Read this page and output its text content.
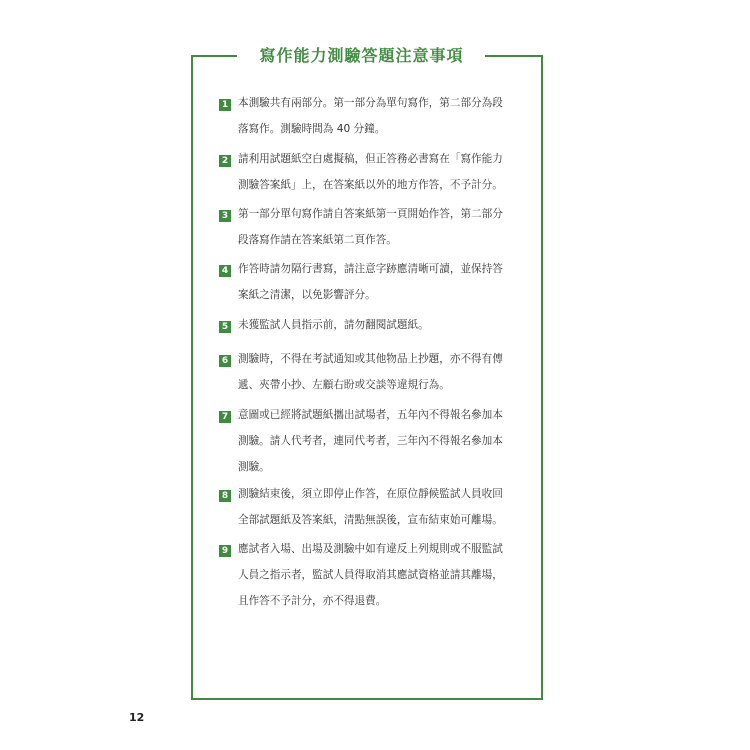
寫作能力測驗答題注意事項
1 本測驗共有兩部分。第一部分為單句寫作，第二部分為段
落寫作。測驗時間為 40 分鐘。
2 請利用試題紙空白處擬稿，但正答務必書寫在「寫作能力
測驗答案紙」上，在答案紙以外的地方作答，不予計分。
3 第一部分單句寫作請自答案紙第一頁開始作答，第二部分
段落寫作請在答案紙第二頁作答。
4 作答時請勿隔行書寫，請注意字跡應清晰可讀，並保持答
案紙之清潔，以免影響評分。
5 未獲監試人員指示前，請勿翻閱試題紙。
6 測驗時，不得在考試通知或其他物品上抄題，亦不得有傳
遞、夾帶小抄、左顧右盼或交談等違規行為。
7 意圖或已經將試題紙攜出試場者，五年內不得報名參加本
測驗。請人代考者，連同代考者，三年內不得報名參加本
測驗。
8 測驗結束後，須立即停止作答，在原位靜候監試人員收回
全部試題紙及答案紙，清點無誤後，宣布結束始可離場。
9 應試者入場、出場及測驗中如有違反上列規則或不服監試
人員之指示者，監試人員得取消其應試資格並請其離場，
且作答不予計分，亦不得退費。
12
